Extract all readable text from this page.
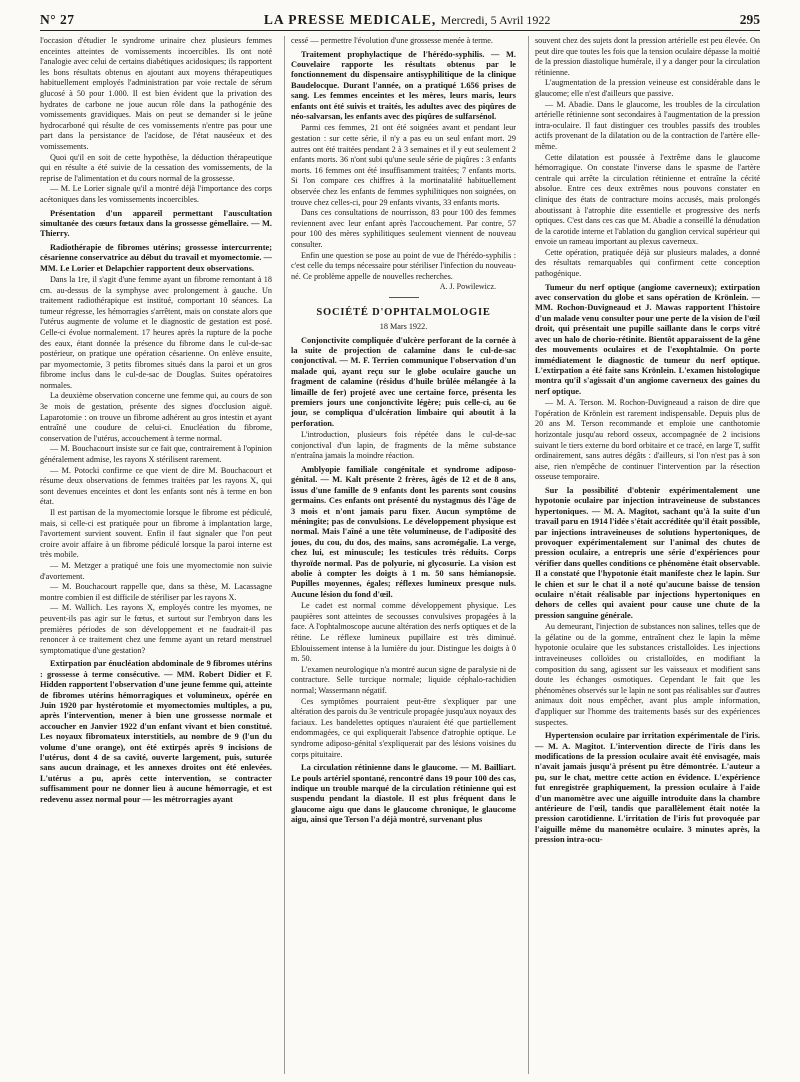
N° 27	LA PRESSE MEDICALE, Mercredi, 5 Avril 1922	295

l'occasion d'étudier le syndrome urinaire chez plusieurs femmes enceintes atteintes de vomissements incoercibles. Ils ont noté l'analogie avec celui de certains diabétiques acidosiques; ils rapportent les bons résultats obtenus en ajoutant aux moyens thérapeutiques habituellement employés l'administration par voie rectale de sérum glucosé à 50 pour 1.000. Il est bien évident que la privation des hydrates de carbone ne joue aucun rôle dans la pathogénie des vomissements gravidiques. Mais on peut se demander si le jeûne hydrocarboné qui résulte de ces vomissements n'entre pas pour une part dans la persistance de l'acidose, de l'état nauséeux et des vomissements.

Quoi qu'il en soit de cette hypothèse, la déduction thérapeutique qui en résulte a été suivie de la cessation des vomissements, de la reprise de l'alimentation et du cours normal de la grossesse.

— M. Le Lorier signale qu'il a montré déjà l'importance des corps acétoniques dans les vomissements incoercibles.

Présentation d'un appareil permettant l'auscultation simultanée des cœurs fœtaux dans la grossesse gémellaire. — M. Thierry.
Radiothérapie de fibromes utérins; grossesse intercurrente; césarienne conservatrice au début du travail et myomectomie. — MM. Le Lorier et Delapchier rapportent deux observations.

Dans la 1re, il s'agit d'une femme ayant un fibrome remontant à 18 cm. au-dessus de la symphyse avec prolongement à gauche. Un traitement radiothérapique est institué, comportant 10 séances. La tumeur régresse, les hémorragies s'arrêtent, mais on constate alors que l'utérus augmente de volume et le diagnostic de gestation est posé. Celle-ci évolue normalement. 17 heures après la rupture de la poche des eaux, étant donnée la présence du fibrome dans le cul-de-sac postérieur, on pratique une opération césarienne. On enlève ensuite, par myomectomie, 3 petits fibromes situés dans la paroi et un gros fibrome inclus dans le cul-de-sac de Douglas. Suites opératoires normales.

La deuxième observation concerne une femme qui, au cours de son 3e mois de gestation, présente des signes d'occlusion aiguë. Laparotomie : on trouve un fibrome adhérent au gros intestin et ayant entraîné une coudure de celui-ci. Enucléation du fibrome, conservation de l'utérus, accouchement à terme normal.

— M. Bouchacourt insiste sur ce fait que, contrairement à l'opinion généralement admise, les rayons X stérilisent rarement.

— M. Potocki confirme ce que vient de dire M. Bouchacourt et résume deux observations de femmes traitées par les rayons X, qui sont devenues enceintes et dont les enfants sont nés à terme en bon état.

Il est partisan de la myomectomie lorsque le fibrome est pédiculé, mais, si celle-ci est pratiquée pour un fibrome à implantation large, l'avortement survient souvent. Enfin il faut signaler que l'on peut croire avoir affaire à un fibrome pédiculé lorsque la paroi interne est très mobile.

— M. Metzger a pratiqué une fois une myomectomie non suivie d'avortement.

— M. Bouchacourt rappelle que, dans sa thèse, M. Lacassagne montre combien il est difficile de stériliser par les rayons X.

— M. Wallich. Les rayons X, employés contre les myomes, ne peuvent-ils pas agir sur le fœtus, et surtout sur l'embryon dans les premières périodes de son développement et ne faudrait-il pas renoncer à ce traitement chez une femme ayant un retard menstruel symptomatique d'une gestation?

Extirpation par énucléation abdominale de 9 fibromes utérins : grossesse à terme consécutive. — MM. Robert Didier et F. Hidden rapportent l'observation d'une jeune femme qui, atteinte de fibromes utérins hémorragiques et volumineux, opérée en Juin 1920 par hystérotomie et myomectomies multiples, a pu, après l'intervention, mener à bien une grossesse normale et accoucher en Janvier 1922 d'un enfant vivant et bien constitué. Les noyaux fibromateux interstitiels, au nombre de 9 (l'un du volume d'une orange), ont été extirpés après 9 incisions de l'utérus, dont 4 de sa cavité, ouverte largement, puis, suturée sans aucun drainage, et les annexes droites ont été enlevées. L'utérus a pu, après cette intervention, se contracter suffisamment pour ne donner lieu à aucune hémorragie, et est redevenu assez normal pour — les métrorragies ayant

cessé — permettre l'évolution d'une grossesse menée à terme.

Traitement prophylactique de l'hérédo-syphilis. — M. Couvelaire rapporte les résultats obtenus par le fonctionnement du dispensaire antisyphilitique de la clinique Baudelocque. Durant l'année, on a pratiqué 1.656 prises de sang. Les femmes enceintes et les mères, leurs maris, leurs enfants ont été suivis et traités, les adultes avec des piqûres de néo-salvarsan, les enfants avec des piqûres de sulfarsénol.

Parmi ces femmes, 21 ont été soignées avant et pendant leur gestation : sur cette série, il n'y a pas eu un seul enfant mort. 29 autres ont été traitées pendant 2 à 3 semaines et il y eut seulement 2 enfants morts. 36 n'ont subi qu'une seule série de piqûres : 3 enfants morts. 16 femmes ont été insuffisamment traitées; 7 enfants morts. Si l'on compare ces chiffres à la mortinatalité habituellement observée chez les enfants de femmes syphilitiques non soignées, on trouve chez celles-ci, pour 29 enfants vivants, 33 enfants morts.

Dans ces consultations de nourrisson, 83 pour 100 des femmes reviennent avec leur enfant après l'accouchement. Par contre, 57 pour 100 des mères syphilitiques seulement viennent de nouveau consulter.

Enfin une question se pose au point de vue de l'hérédo-syphilis : c'est celle du temps nécessaire pour stériliser l'infection du nouveau-né. Ce problème appelle de nouvelles recherches.

A. J. Powilewicz.

SOCIÉTÉ D'OPHTALMOLOGIE

18 Mars 1922.

Conjonctivite compliquée d'ulcère perforant de la cornée à la suite de projection de calamine dans le cul-de-sac conjonctival. — M. F. Terrien communique l'observation d'un malade qui, ayant reçu sur le globe oculaire gauche un fragment de calamine (résidus d'huile brûlée mélangée à la limaille de fer) projeté avec une certaine force, présenta les premiers jours une conjonctivite légère; puis celle-ci, au 6e jour, se compliqua d'ulcération limbaire qui aboutit à la perforation.

L'introduction, plusieurs fois répétée dans le cul-de-sac conjonctival d'un lapin, de fragments de la même substance n'entraîna jamais la moindre réaction.

Amblyopie familiale congénitale et syndrome adiposo-génital. — M. Kalt présente 2 frères, âgés de 12 et de 8 ans, issus d'une famille de 9 enfants dont les parents sont cousins germains. Ces enfants ont présenté du nystagmus dès l'âge de 3 mois et n'ont jamais paru fixer. Aucun symptôme de méningite; pas de convulsions. Le développement physique est normal. Mais l'aîné a une tête volumineuse, de l'adiposité des joues, du cou, du dos, des mains, sans acromégalie. La verge, chez lui, est minuscule; les testicules très réduits. Corps thyroïde normal. Pas de polyurie, ni glycosurie. La vision est abolie à compter les doigts à 1 m. 50 sans hémianopsie. Pupilles moyennes, égales; réflexes lumineux presque nuls. Aucune lésion du fond d'œil.

Le cadet est normal comme développement physique. Les paupières sont atteintes de secousses convulsives propagées à la face. A l'ophtalmoscope aucune altération des nerfs optiques et de la rétine. Le réflexe lumineux pupillaire est très diminué. Eblouissement intense à la lumière du jour. Distingue les doigts à 0 m. 50.

L'examen neurologique n'a montré aucun signe de paralysie ni de contracture. Selle turcique normale; liquide céphalo-rachidien normal; Wassermann négatif.

Ces symptômes pourraient peut-être s'expliquer par une altération des parois du 3e ventricule propagée jusqu'aux noyaux des faciaux. Les bandelettes optiques n'auraient été que partiellement endommagées, ce qui expliquerait l'absence d'atrophie optique. Le syndrome adiposo-génital s'expliquerait par des lésions voisines du corps pituitaire.

La circulation rétinienne dans le glaucome. — M. Bailliart. Le pouls artériel spontané, rencontré dans 19 pour 100 des cas, indique un trouble marqué de la circulation rétinienne qui est suspendu pendant la diastole. Il est plus fréquent dans le glaucome aigu que dans le glaucome chronique, le glaucome aigu, ainsi que Terson l'a déjà montré, survenant plus

souvent chez des sujets dont la pression artérielle est peu élevée. On peut dire que toutes les fois que la tension oculaire dépasse la moitié de la pression diastolique humérale, il y a danger pour la circulation rétinienne.

L'augmentation de la pression veineuse est considérable dans le glaucome; elle n'est d'ailleurs que passive.

— M. Abadie. Dans le glaucome, les troubles de la circulation artérielle rétinienne sont secondaires à l'augmentation de la pression intra-oculaire. Il faut distinguer ces troubles passifs des troubles actifs provenant de la dilatation ou de la contraction de l'artère elle-même.

Cette dilatation est poussée à l'extrême dans le glaucome hémorragique. On constate l'inverse dans le spasme de l'artère centrale qui arrête la circulation rétinienne et entraîne la cécité absolue. Entre ces deux extrêmes nous pouvons constater en clinique des états de contracture moins accusés, mais prolongés aboutissant à l'atrophie dite essentielle et progressive des nerfs optiques. C'est dans ces cas que M. Abadie a conseillé la dénudation de la carotide interne et l'ablation du ganglion cervical supérieur qui envoie un rameau important au plexus caverneux.

Cette opération, pratiquée déjà sur plusieurs malades, a donné des résultats remarquables qui confirment cette conception pathogénique.

Tumeur du nerf optique (angiome caverneux); extirpation avec conservation du globe et sans opération de Krönlein. — MM. Rochon-Duvigneaud et J. Mawas rapportent l'histoire d'un malade venu consulter pour une perte de la vision de l'œil droit, qui présentait une pupille saillante dans le corps vitré avec un halo de chorio-rétinite. Bientôt apparaissent de la gêne des mouvements oculaires et de l'exophtalmie. On porte immédiatement le diagnostic de tumeur du nerf optique. L'extirpation a été faite sans Krönlein. L'examen histologique montra qu'il s'agissait d'un angiome caverneux des gaines du nerf optique.

— M. A. Terson. M. Rochon-Duvigneaud a raison de dire que l'opération de Krönlein est rarement indispensable. Depuis plus de 20 ans M. Terson recommande et emploie une canthotomie horizontale jusqu'au rebord osseux, accompagnée de 2 incisions suivant le tiers externe du bord orbitaire et ce tracé, en large T, suffit ordinairement, sans autres dégâts : d'ailleurs, si l'on n'est pas à son aise, rien n'empêche de continuer l'intervention par la résection osseuse temporaire.

Sur la possibilité d'obtenir expérimentalement une hypotonie oculaire par injection intraveineuse de substances hypertoniques. — M. A. Magitot, sachant qu'à la suite d'un travail paru en 1914 l'idée s'était accréditée qu'il était possible, par injections intraveineuses de solutions hypertoniques, de provoquer expérimentalement sur l'animal des chutes de pression oculaire, a entrepris une série d'expériences pour vérifier dans quelles conditions ce phénomène était observable. Il a constaté que l'hypotonie était manifeste chez le lapin. Sur le chien et sur le chat il a noté qu'aucune baisse de tension oculaire n'était réalisable par injections hypertoniques en dehors de celles qui avaient pour cause une chute de la pression sanguine générale.

Au demeurant, l'injection de substances non salines, telles que de la gélatine ou de la gomme, entraînent chez le lapin la même hypotonie oculaire que les substances cristalloïdes. Les injections intraveineuses colloïdes ou cristalloïdes, en modifiant la composition du sang, agissent sur les vaisseaux et modifient sans doute les échanges osmotiques. Cependant le fait que les phénomènes observés sur le lapin ne sont pas réalisables sur d'autres animaux doit nous empêcher, avant plus ample information, d'appliquer sur l'homme des traitements basés sur des expériences suspectes.

Hypertension oculaire par irritation expérimentale de l'iris. — M. A. Magitot. L'intervention directe de l'iris dans les modifications de la pression oculaire avait été envisagée, mais n'avait jamais jusqu'à présent pu être démontrée. L'auteur a pu, sur le chat, mettre cette action en évidence. L'expérience fut enregistrée graphiquement, la pression oculaire à l'aide d'un manomètre avec une aiguille introduite dans la chambre antérieure de l'œil, tandis que parallèlement était notée la pression carotidienne. L'irritation de l'iris fut provoquée par l'aiguille même du manomètre oculaire. 3 minutes après, la pression intra-ocu-
